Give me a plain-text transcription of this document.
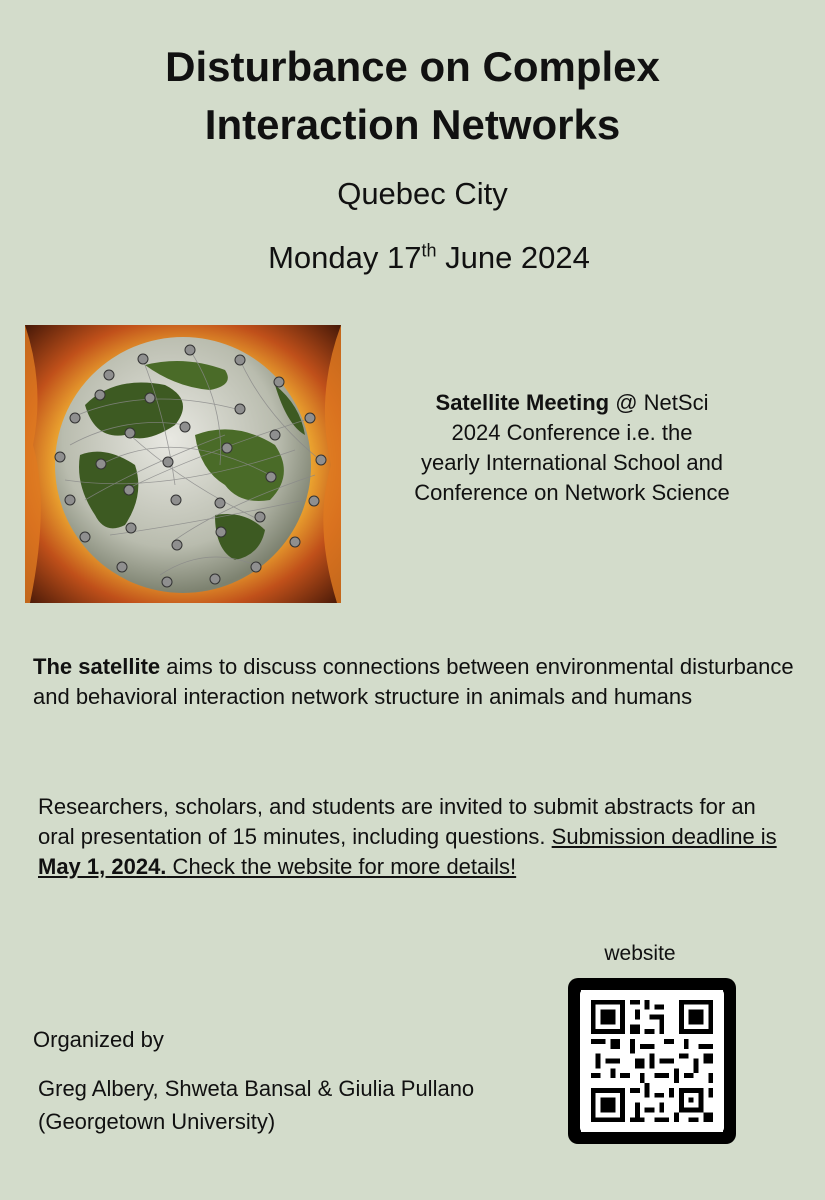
Disturbance on Complex
Interaction Networks

Quebec City

Monday 17th June 2024

Satellite Meeting @ NetSci
2024 Conference i.e. the
yearly International School and
Conference on Network Science
The satellite aims to discuss connections between environmental disturbance and behavioral interaction network structure in animals and humans
Researchers, scholars, and students are invited to submit abstracts for an oral presentation of 15 minutes, including questions. Submission deadline is May 1, 2024. Check the website for more details!
website
Organized by
Greg Albery, Shweta Bansal & Giulia Pullano (Georgetown University)
